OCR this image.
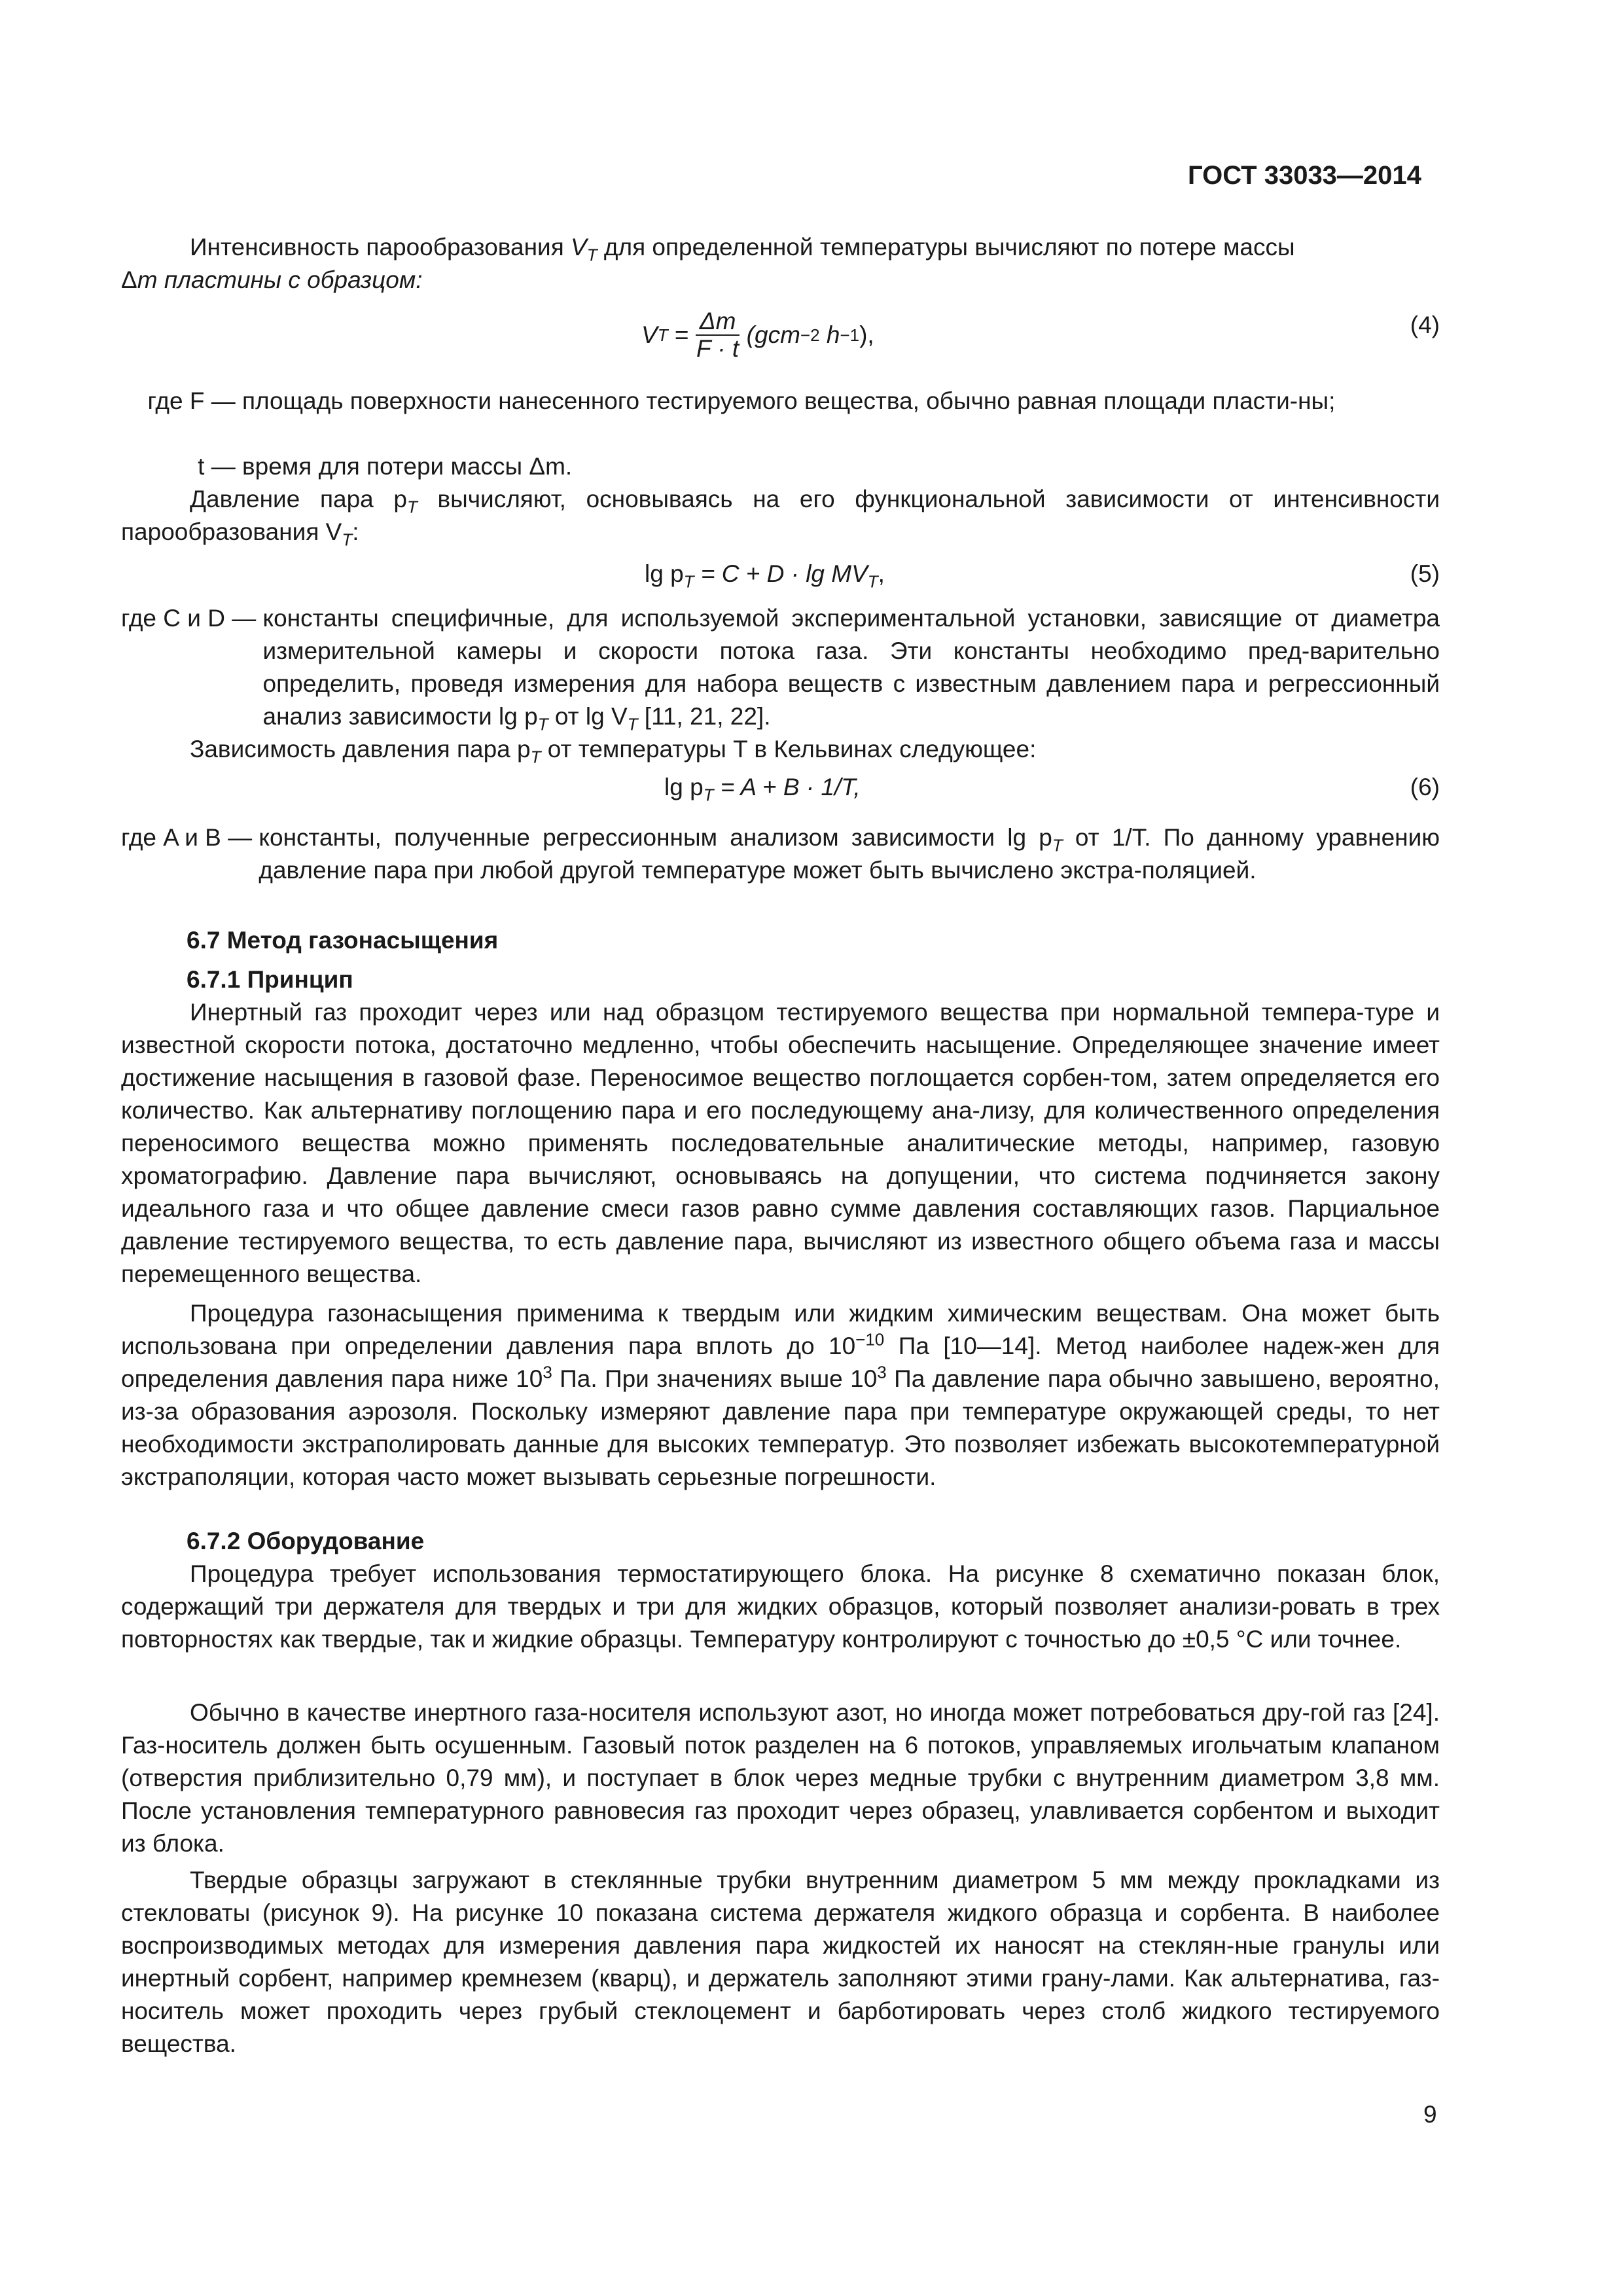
ГОСТ 33033—2014
Интенсивность парообразования $V_T$ для определенной температуры вычисляют по потере массы
Δm пластины с образцом:
V $T = \frac{\Delta m}{F \cdot t} (gcm -2$ h −1 ),	(4)
где F — площадь поверхности нанесенного тестируемого вещества, обычно равная площади пласти-ны;
t — время для потери массы Δm.
Давление пара $p_T$ вычисляют, основываясь на его функциональной зависимости от интенсивности парообразования $V_T$:
$\lg p_T = C + D \cdot \lg MV_T$,	(5)
где C и D — константы специфичные, для используемой экспериментальной установки, зависящие от диаметра измерительной камеры и скорости потока газа. Эти константы необходимо пред-варительно определить, проведя измерения для набора веществ с известным давлением пара и регрессионный анализ зависимости $\lg p_T$ от $\lg V_T$ [11, 21, 22].
Зависимость давления пара $p_T$ от температуры T в Кельвинах следующее:
$\lg p_T = A + B \cdot 1/T$,	(6)
где A и B — константы, полученные регрессионным анализом зависимости $\lg p_T$ от 1/T. По данному уравнению давление пара при любой другой температуре может быть вычислено экстра-поляцией.
6.7 Метод газонасыщения
6.7.1 Принцип
Инертный газ проходит через или над образцом тестируемого вещества при нормальной темпера-туре и известной скорости потока, достаточно медленно, чтобы обеспечить насыщение. Определяющее значение имеет достижение насыщения в газовой фазе. Переносимое вещество поглощается сорбен-том, затем определяется его количество. Как альтернативу поглощению пара и его последующему ана-лизу, для количественного определения переносимого вещества можно применять последовательные аналитические методы, например, газовую хроматографию. Давление пара вычисляют, основываясь на допущении, что система подчиняется закону идеального газа и что общее давление смеси газов равно сумме давления составляющих газов. Парциальное давление тестируемого вещества, то есть давление пара, вычисляют из известного общего объема газа и массы перемещенного вещества.
Процедура газонасыщения применима к твердым или жидким химическим веществам. Она может быть использована при определении давления пара вплоть до $10^{-10}$ Па [10—14]. Метод наиболее надеж-жен для определения давления пара ниже $10^3$ Па. При значениях выше $10^3$ Па давление пара обычно завышено, вероятно, из-за образования аэрозоля. Поскольку измеряют давление пара при температуре окружающей среды, то нет необходимости экстраполировать данные для высоких температур. Это позволяет избежать высокотемпературной экстраполяции, которая часто может вызывать серьезные погрешности.
6.7.2 Оборудование
Процедура требует использования термостатирующего блока. На рисунке 8 схематично показан блок, содержащий три держателя для твердых и три для жидких образцов, который позволяет анализи-ровать в трех повторностях как твердые, так и жидкие образцы. Температуру контролируют с точностью до ±0,5 °С или точнее.
Обычно в качестве инертного газа-носителя используют азот, но иногда может потребоваться дру-гой газ [24]. Газ-носитель должен быть осушенным. Газовый поток разделен на 6 потоков, управляемых игольчатым клапаном (отверстия приблизительно 0,79 мм), и поступает в блок через медные трубки с внутренним диаметром 3,8 мм. После установления температурного равновесия газ проходит через образец, улавливается сорбентом и выходит из блока.
Твердые образцы загружают в стеклянные трубки внутренним диаметром 5 мм между прокладками из стекловаты (рисунок 9). На рисунке 10 показана система держателя жидкого образца и сорбента. В наиболее воспроизводимых методах для измерения давления пара жидкостей их наносят на стеклян-ные гранулы или инертный сорбент, например кремнезем (кварц), и держатель заполняют этими грану-лами. Как альтернатива, газ-носитель может проходить через грубый стеклоцемент и барботировать через столб жидкого тестируемого вещества.
9
